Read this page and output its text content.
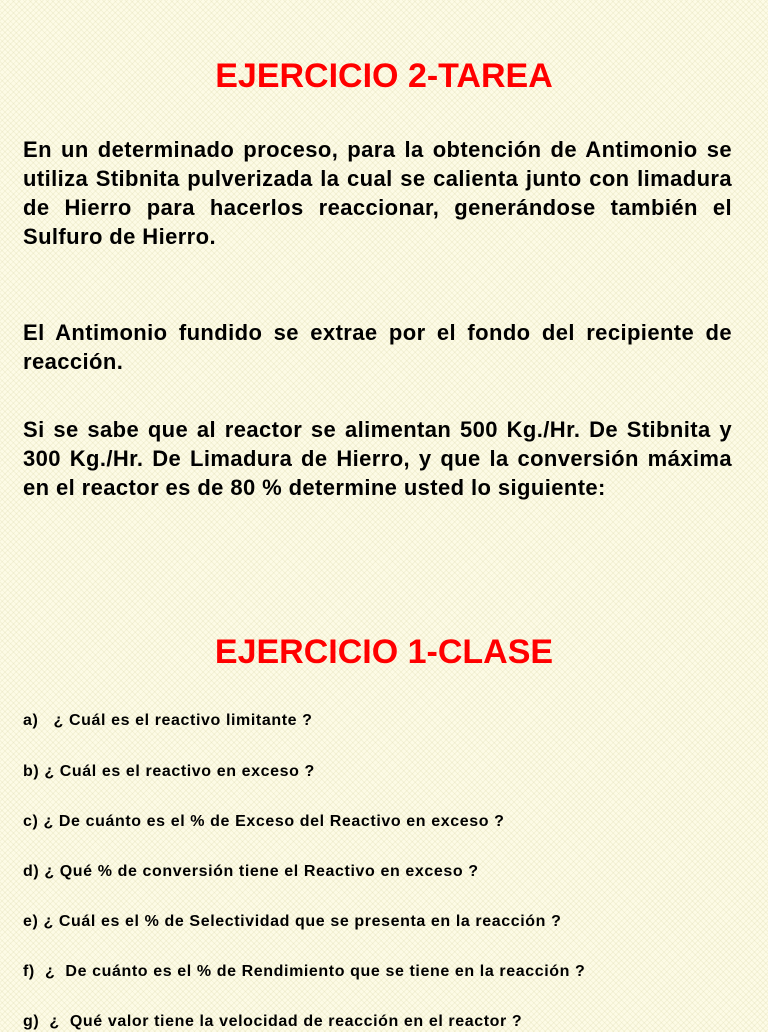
EJERCICIO 2-TAREA

En un determinado proceso, para la obtención de Antimonio se utiliza Stibnita pulverizada la cual se calienta junto con limadura de Hierro para hacerlos reaccionar, generándose también el Sulfuro de Hierro.

El Antimonio fundido se extrae por el fondo del recipiente de reacción.

Si se sabe que al reactor se alimentan 500 Kg./Hr. De Stibnita y 300 Kg./Hr. De Limadura de Hierro, y que la conversión máxima en el reactor es de 80 % determine usted lo siguiente:

EJERCICIO 1-CLASE

a)   ¿ Cuál es el reactivo limitante ?

b) ¿ Cuál es el reactivo en exceso ?

c) ¿ De cuánto es el % de Exceso del Reactivo en exceso ?

d) ¿ Qué % de conversión tiene el Reactivo en exceso ?

e) ¿ Cuál es el % de Selectividad que se presenta en la reacción ?

f)  ¿  De cuánto es el % de Rendimiento que se tiene en la reacción ?

g)  ¿  Qué valor tiene la velocidad de reacción en el reactor ?
